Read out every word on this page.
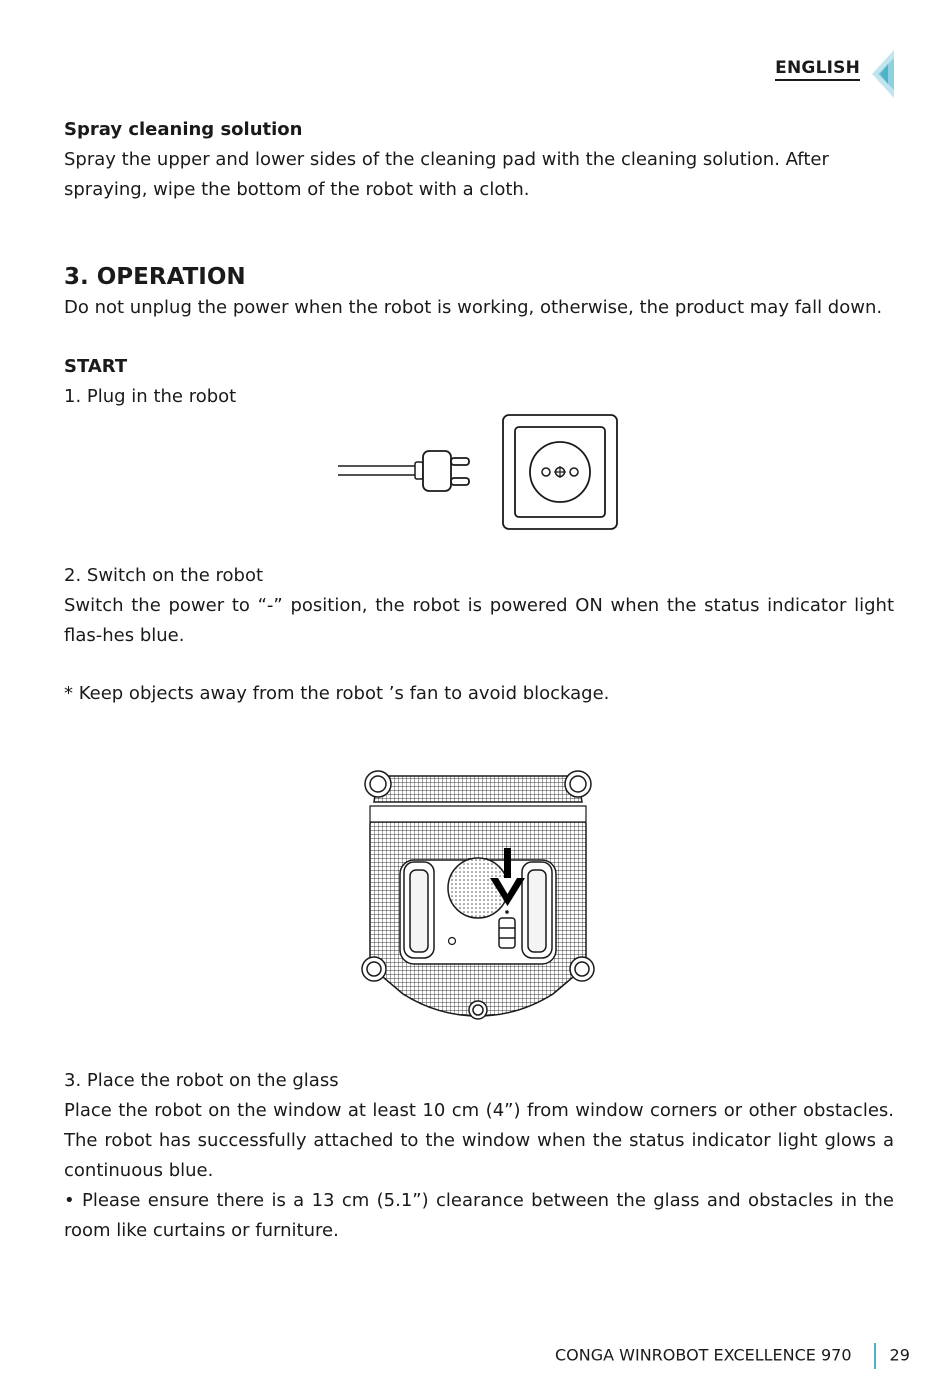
ENGLISH
Spray cleaning solution
Spray the upper and lower sides of the cleaning pad with the cleaning solution. After spraying, wipe the bottom of the robot with a cloth.
3. OPERATION
Do not unplug the power when the robot is working, otherwise, the product may fall down.
START
1. Plug in the robot
2. Switch on the robot
Switch the power to “-” position, the robot is powered ON when the status indicator light flas-hes blue.
* Keep objects away from the robot ’s fan to avoid blockage.
3. Place the robot on the glass
Place the robot on the window at least 10 cm (4”) from window corners or other obstacles. The robot has successfully attached to the window when the status indicator light glows a continuous blue.
• Please ensure there is a 13 cm (5.1”) clearance between the glass and obstacles in the room like curtains or furniture.
CONGA WINROBOT EXCELLENCE 970 29
